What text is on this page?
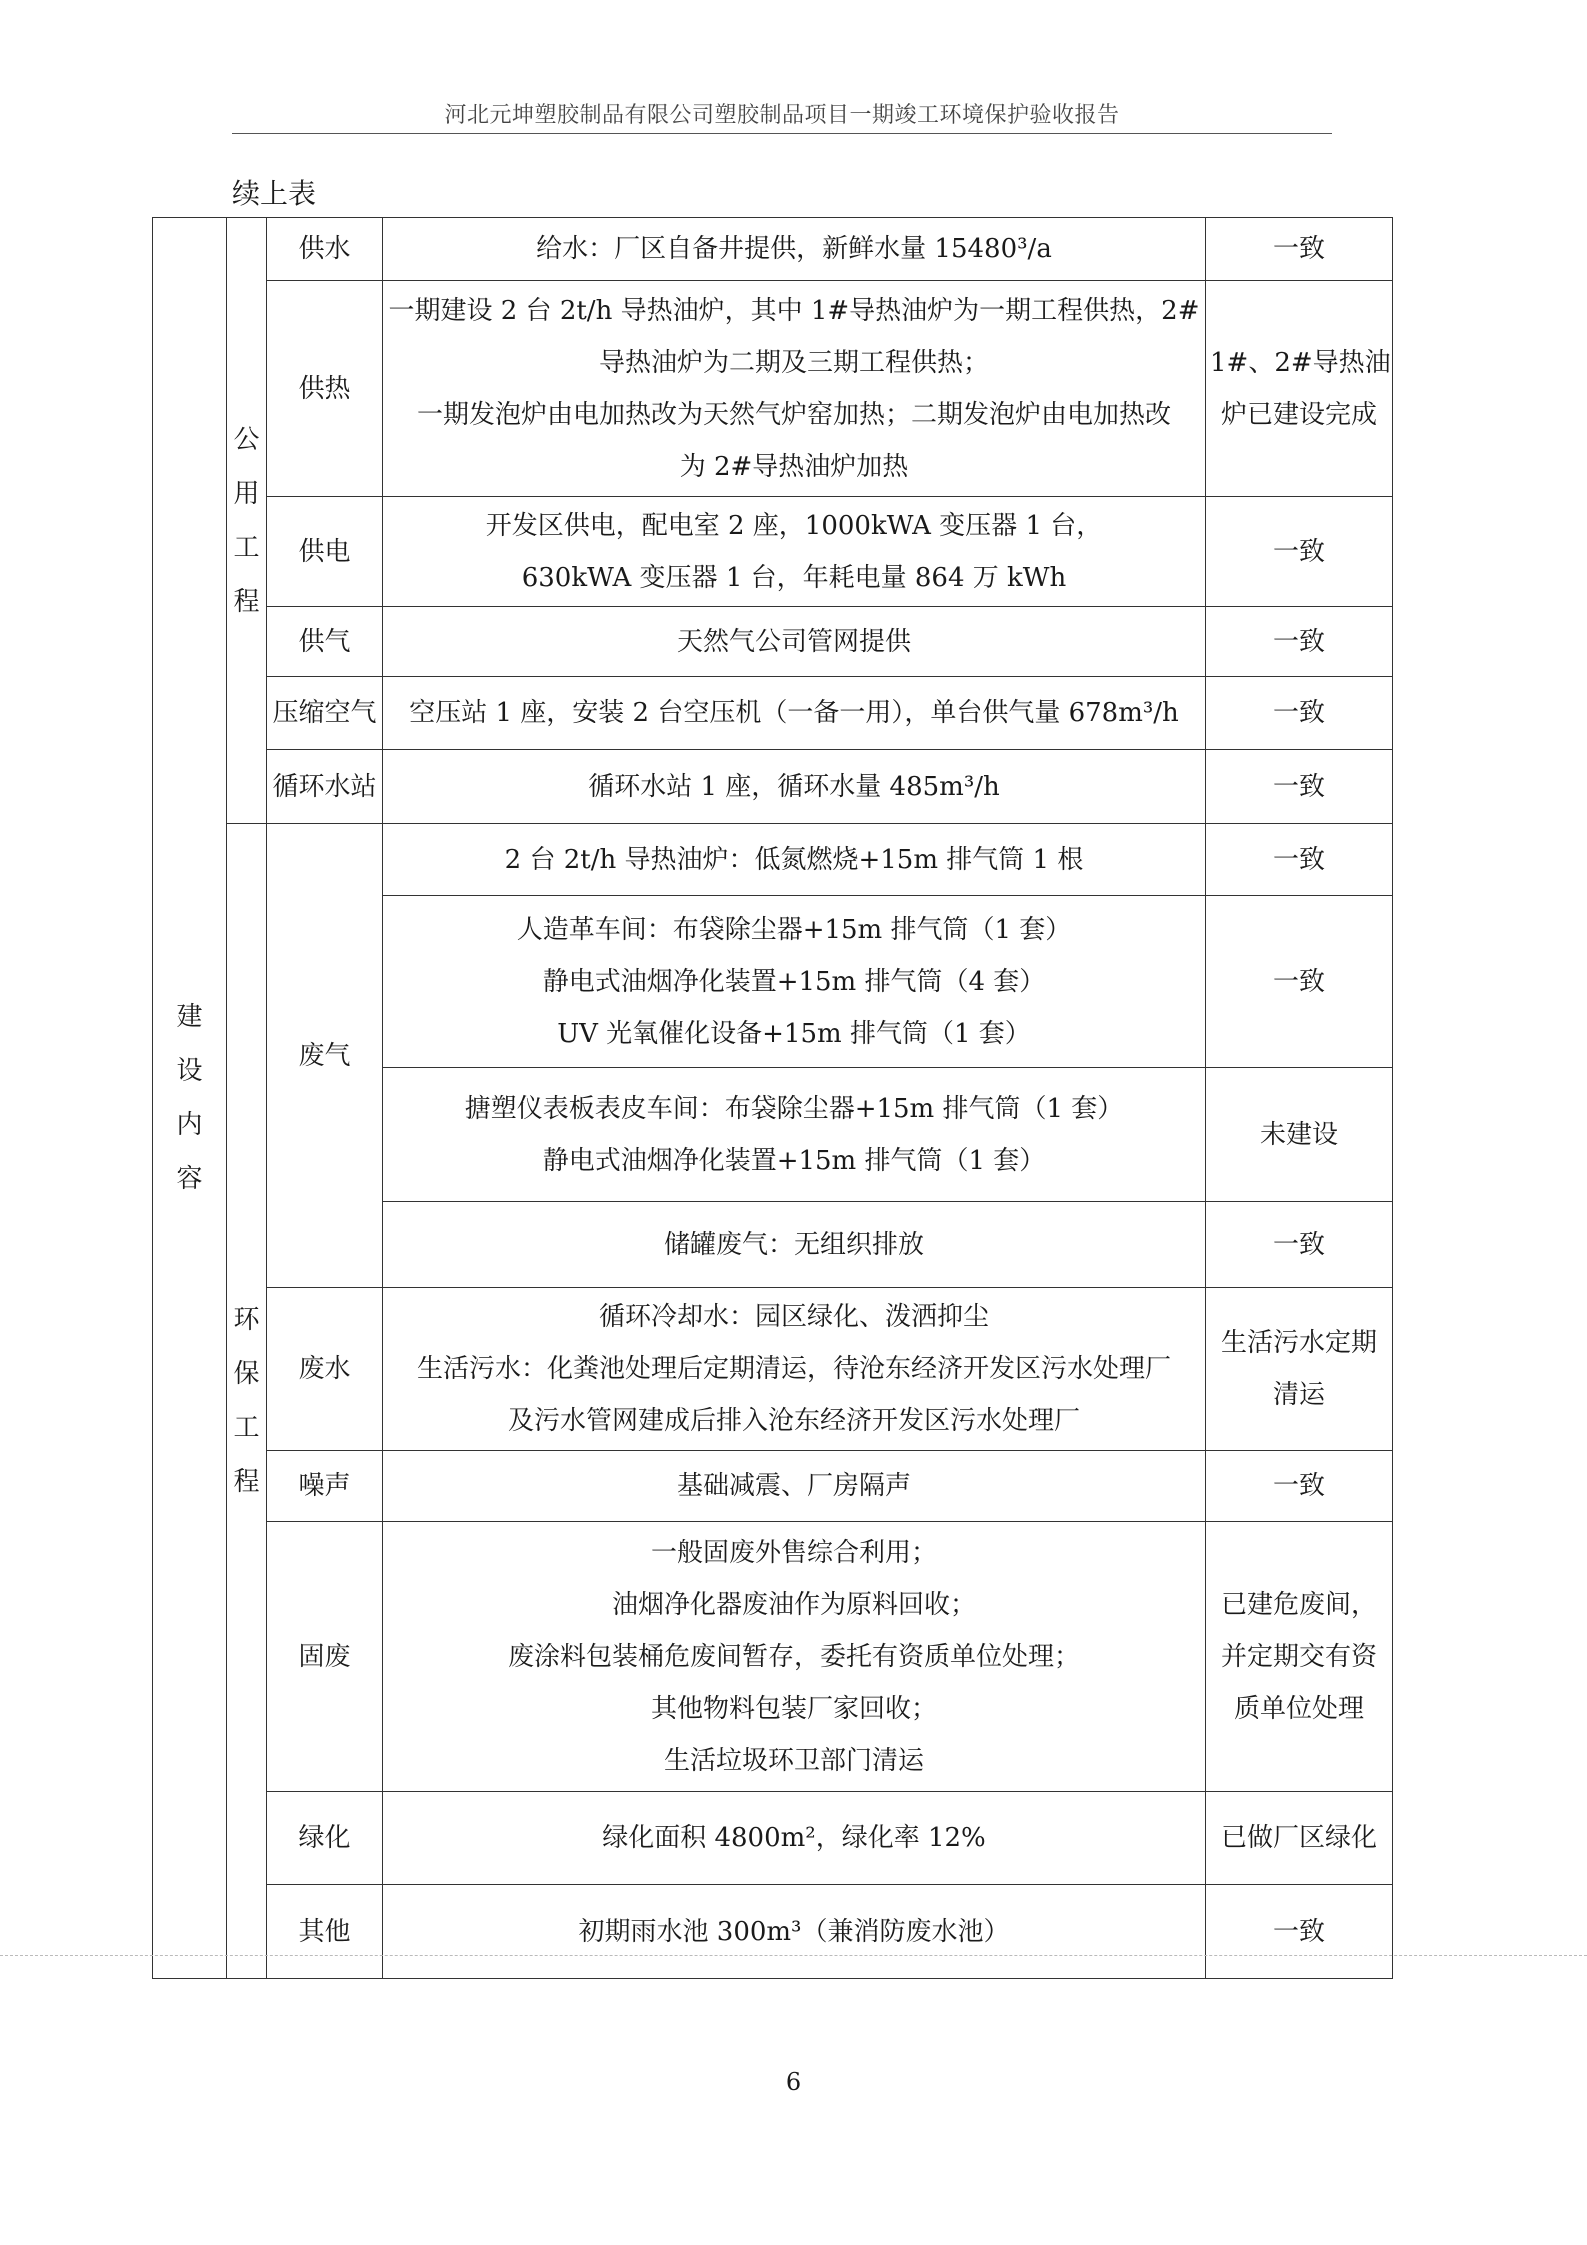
河北元坤塑胶制品有限公司塑胶制品项目一期竣工环境保护验收报告
续上表
建设内容	公用工程	供水	给水：厂区自备井提供，新鲜水量 15480³/a	一致

		供热	一期建设 2 台 2t/h 导热油炉，其中 1#导热油炉为一期工程供热，2#
导热油炉为二期及三期工程供热；
一期发泡炉由电加热改为天然气炉窑加热；二期发泡炉由电加热改
为 2#导热油炉加热	1#、2#导热油
炉已建设完成

		供电	开发区供电，配电室 2 座，1000kWA 变压器 1 台，
630kWA 变压器 1 台，年耗电量 864 万 kWh	一致

		供气	天然气公司管网提供	一致

		压缩空气	空压站 1 座，安装 2 台空压机（一备一用），单台供气量 678m³/h	一致

		循环水站	循环水站 1 座，循环水量 485m³/h	一致

	环保工程	废气	2 台 2t/h 导热油炉：低氮燃烧+15m 排气筒 1 根	一致

			人造革车间：布袋除尘器+15m 排气筒（1 套）
静电式油烟净化装置+15m 排气筒（4 套）
UV 光氧催化设备+15m 排气筒（1 套）	一致

			搪塑仪表板表皮车间：布袋除尘器+15m 排气筒（1 套）
静电式油烟净化装置+15m 排气筒（1 套）	未建设

			储罐废气：无组织排放	一致

		废水	循环冷却水：园区绿化、泼洒抑尘
生活污水：化粪池处理后定期清运，待沧东经济开发区污水处理厂
及污水管网建成后排入沧东经济开发区污水处理厂	生活污水定期
清运

		噪声	基础减震、厂房隔声	一致

		固废	一般固废外售综合利用；
油烟净化器废油作为原料回收；
废涂料包装桶危废间暂存，委托有资质单位处理；
其他物料包装厂家回收；
生活垃圾环卫部门清运	已建危废间，
并定期交有资
质单位处理

		绿化	绿化面积 4800m²，绿化率 12%	已做厂区绿化

		其他	初期雨水池 300m³（兼消防废水池）	一致
6
